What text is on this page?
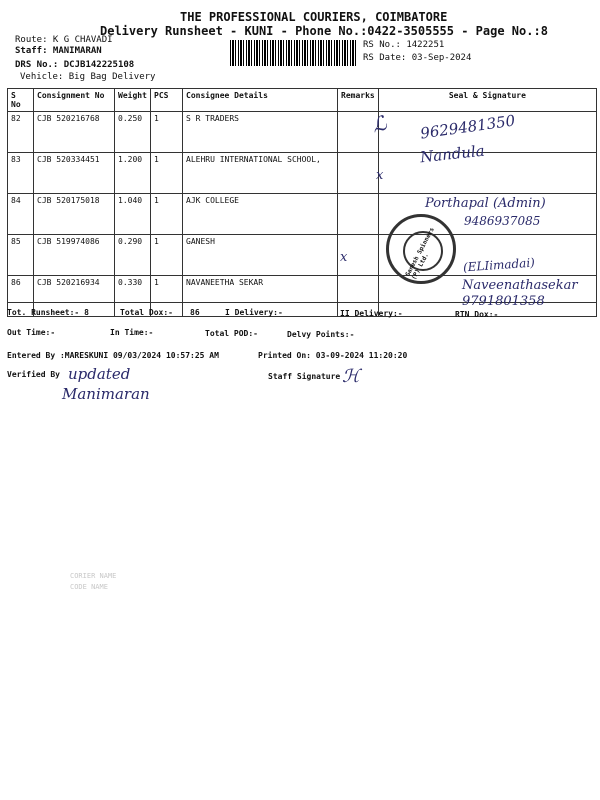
THE PROFESSIONAL COURIERS, COIMBATORE
Delivery Runsheet - KUNI - Phone No.:0422-3505555 - Page No.:8
Route: K G CHAVADI
Staff: MANIMARAN
DRS No.: DCJB142225108
Vehicle: Big Bag Delivery
RS No.: 1422251
RS Date: 03-Sep-2024
S No	Consignment No	Weight	PCS	Consignee Details	Remarks	Seal & Signature
82	CJB 520216768	0.250	1	S R TRADERS		
83	CJB 520334451	1.200	1	ALEHRU INTERNATIONAL SCHOOL,		
84	CJB 520175018	1.040	1	AJK COLLEGE		
85	CJB 519974086	0.290	1	GANESH		
86	CJB 520216934	0.330	1	NAVANEETHA SEKAR		
Tot. Runsheet:- 8	Total Dox:- 86	I Delivery:-	II Delivery:-	RTN Dox:-
Out Time:-	In Time:-	Total POD:-	Delvy Points:-
Entered By :MARESKUNI 09/03/2024 10:57:25 AM	Printed On: 03-09-2024 11:20:20
Verified By	Staff Signature
ℒ 9629481350
Nandula
x
Porthapal (Admin)
9486937085
x	(ELIimadai)
Naveenathasekar
9791801358
updated
Manimaran
ℋ
Ganesh Spinners (P) Ltd.
CORIER NAME
CODE NAME
